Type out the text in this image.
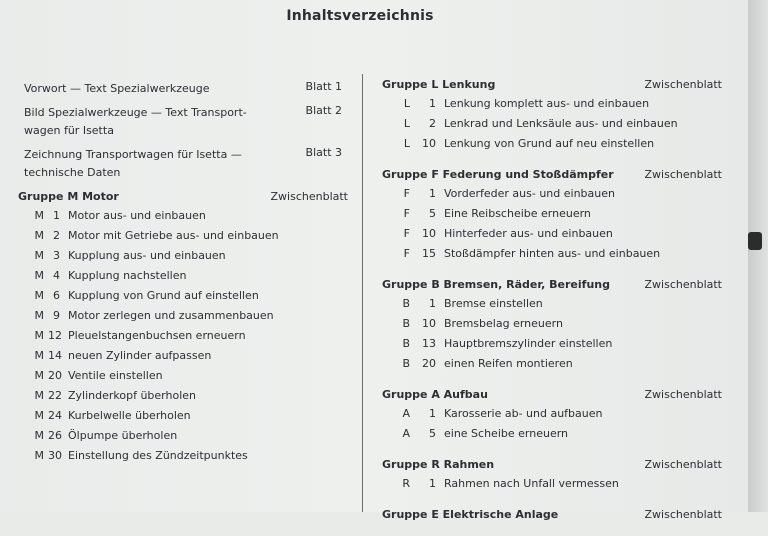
Inhaltsverzeichnis
Vorwort — Text Spezialwerkzeuge	Blatt 1
Bild Spezialwerkzeuge — Text Transport-
wagen für Isetta
Blatt 2
Zeichnung Transportwagen für Isetta —
technische Daten
Blatt 3
Gruppe M Motor	Zwischenblatt
M 1 Motor aus- und einbauen
M 2 Motor mit Getriebe aus- und einbauen
M 3 Kupplung aus- und einbauen
M 4 Kupplung nachstellen
M 6 Kupplung von Grund auf einstellen
M 9 Motor zerlegen und zusammenbauen
M 12 Pleuelstangenbuchsen erneuern
M 14 neuen Zylinder aufpassen
M 20 Ventile einstellen
M 22 Zylinderkopf überholen
M 24 Kurbelwelle überholen
M 26 Ölpumpe überholen
M 30 Einstellung des Zündzeitpunktes
Gruppe L Lenkung	Zwischenblatt
L	1 Lenkung komplett aus- und einbauen
L	2 Lenkrad und Lenksäule aus- und einbauen
L	10 Lenkung von Grund auf neu einstellen
Gruppe F Federung und Stoßdämpfer	Zwischenblatt
F	1 Vorderfeder aus- und einbauen
F	5 Eine Reibscheibe erneuern
F	10 Hinterfeder aus- und einbauen
F	15 Stoßdämpfer hinten aus- und einbauen
Gruppe B Bremsen, Räder, Bereifung	Zwischenblatt
B	1 Bremse einstellen
B	10 Bremsbelag erneuern
B	13 Hauptbremszylinder einstellen
B	20 einen Reifen montieren
Gruppe A Aufbau	Zwischenblatt
A	1 Karosserie ab- und aufbauen
A	5 eine Scheibe erneuern
Gruppe R Rahmen	Zwischenblatt
R	1 Rahmen nach Unfall vermessen
Gruppe E Elektrische Anlage	Zwischenblatt
